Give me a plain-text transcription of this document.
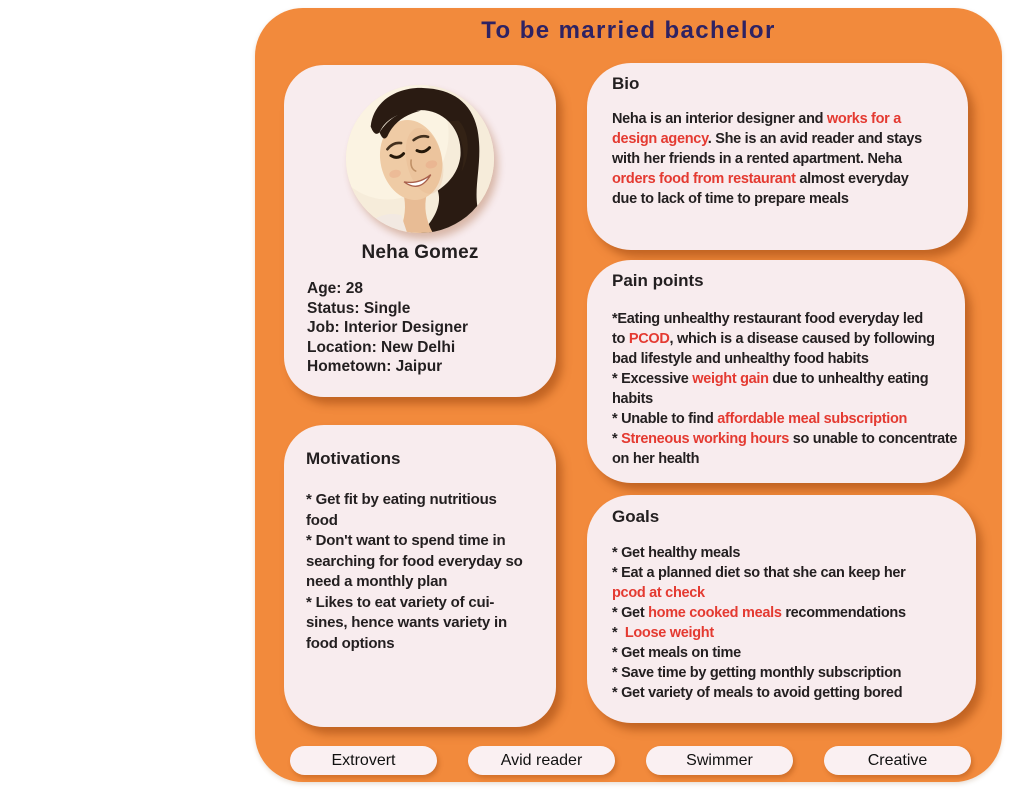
To be married bachelor
Neha Gomez
Age: 28
Status: Single
Job: Interior Designer
Location: New Delhi
Hometown: Jaipur
Bio
Neha is an interior designer and works for a
design agency. She is an avid reader and stays
with her friends in a rented apartment. Neha
orders food from restaurant almost everyday
due to lack of time to prepare meals
Pain points
*Eating unhealthy restaurant food everyday led
to PCOD, which is a disease caused by following
bad lifestyle and unhealthy food habits
* Excessive weight gain due to unhealthy eating
habits
* Unable to find affordable meal subscription
* Streneous working hours so unable to concentrate
on her health
Goals
* Get healthy meals
* Eat a planned diet so that she can keep her
pcod at check
* Get home cooked meals recommendations
*  Loose weight
* Get meals on time
* Save time by getting monthly subscription
* Get variety of meals to avoid getting bored
Motivations
* Get fit by eating nutritious
food
* Don't want to spend time in
searching for food everyday so
need a monthly plan
* Likes to eat variety of cui-
sines, hence wants variety in
food options
Extrovert	Avid reader	Swimmer	Creative
